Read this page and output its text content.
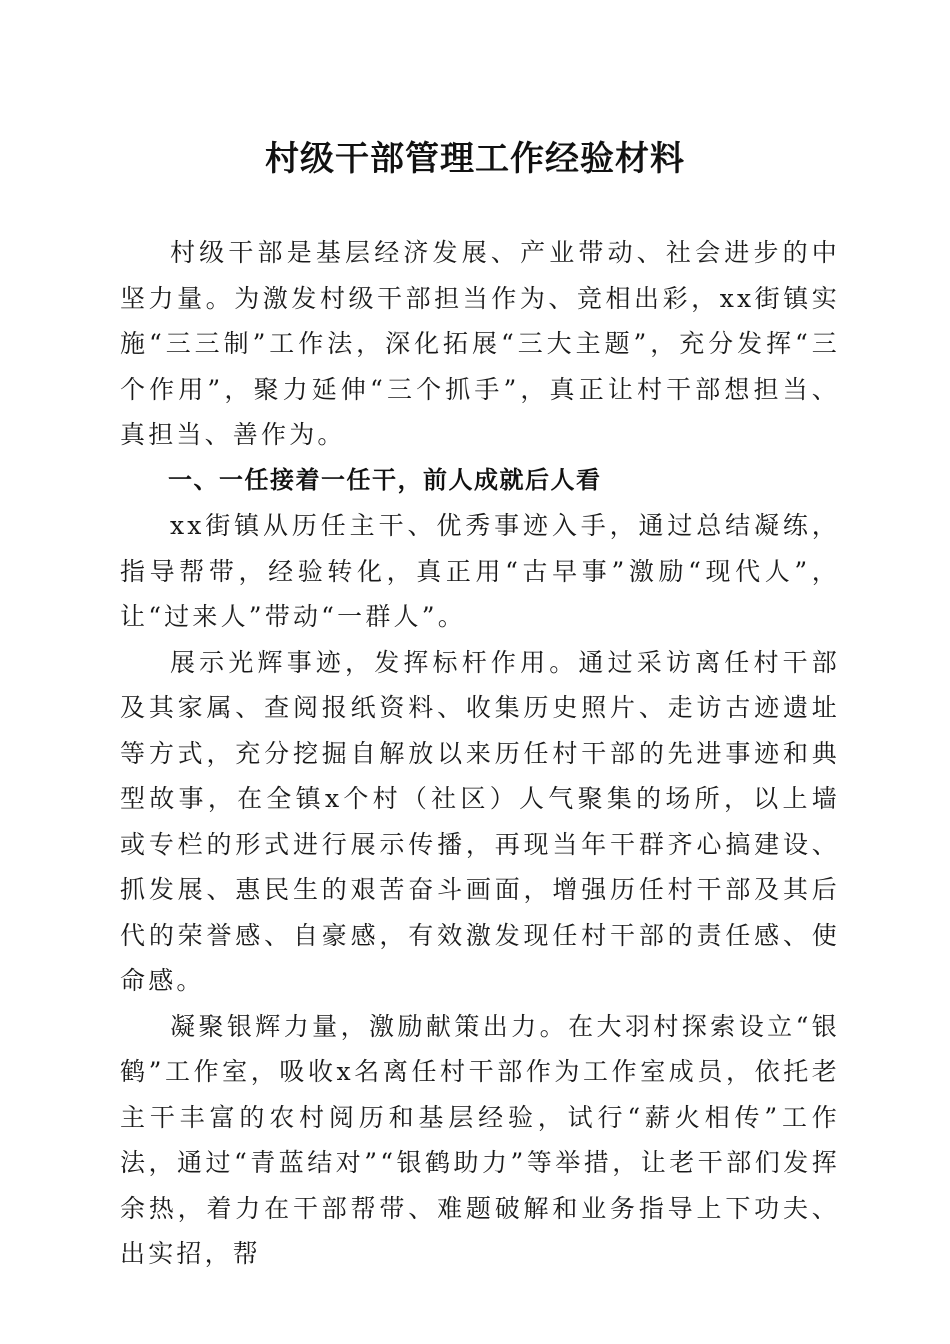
村级干部管理工作经验材料

村级干部是基层经济发展、产业带动、社会进步的中坚力量。为激发村级干部担当作为、竞相出彩，xx街镇实施“三三制”工作法，深化拓展“三大主题”，充分发挥“三个作用”，聚力延伸“三个抓手”，真正让村干部想担当、真担当、善作为。

一、一任接着一任干，前人成就后人看

xx街镇从历任主干、优秀事迹入手，通过总结凝练，指导帮带，经验转化，真正用“古早事”激励“现代人”，让“过来人”带动“一群人”。

展示光辉事迹，发挥标杆作用。通过采访离任村干部及其家属、查阅报纸资料、收集历史照片、走访古迹遗址等方式，充分挖掘自解放以来历任村干部的先进事迹和典型故事，在全镇x个村（社区）人气聚集的场所，以上墙或专栏的形式进行展示传播，再现当年干群齐心搞建设、抓发展、惠民生的艰苦奋斗画面，增强历任村干部及其后代的荣誉感、自豪感，有效激发现任村干部的责任感、使命感。

凝聚银辉力量，激励献策出力。在大羽村探索设立“银鹤”工作室，吸收x名离任村干部作为工作室成员，依托老主干丰富的农村阅历和基层经验，试行“薪火相传”工作法，通过“青蓝结对”“银鹤助力”等举措，让老干部们发挥余热，着力在干部帮带、难题破解和业务指导上下功夫、出实招，帮
